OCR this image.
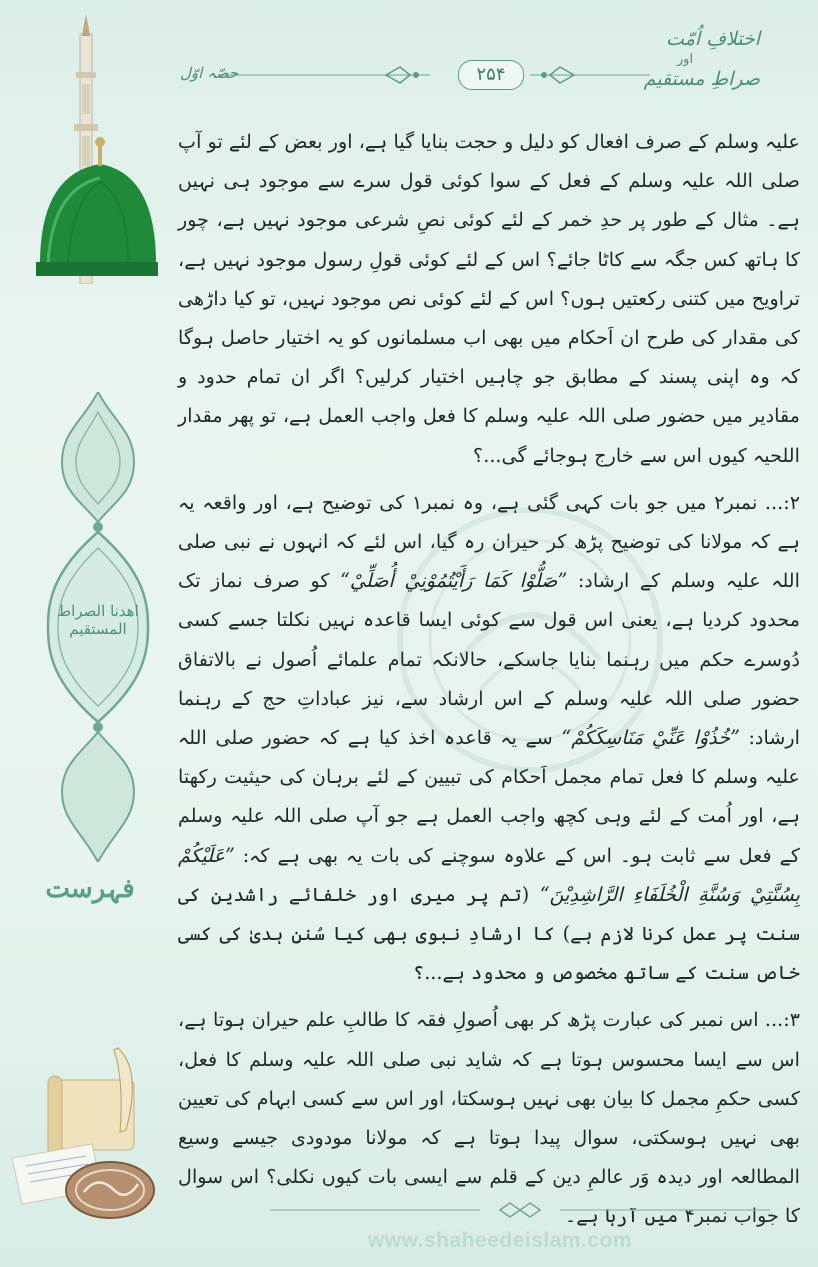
اھدنا الصراط المستقیم
فہرست
۲۵۴
حصّہ اوّل
اختلافِ اُمّت
اور
صراطِ مستقیم

علیہ وسلم کے صرف افعال کو دلیل و حجت بنایا گیا ہے، اور بعض کے لئے تو آپ صلی اللہ علیہ وسلم کے فعل کے سوا کوئی قول سرے سے موجود ہی نہیں ہے۔ مثال کے طور پر حدِ خمر کے لئے کوئی نصِ شرعی موجود نہیں ہے، چور کا ہاتھ کس جگہ سے کاٹا جائے؟ اس کے لئے کوئی قولِ رسول موجود نہیں ہے، تراویح میں کتنی رکعتیں ہوں؟ اس کے لئے کوئی نص موجود نہیں، تو کیا داڑھی کی مقدار کی طرح ان اَحکام میں بھی اب مسلمانوں کو یہ اختیار حاصل ہوگا کہ وہ اپنی پسند کے مطابق جو چاہیں اختیار کرلیں؟ اگر ان تمام حدود و مقادیر میں حضور صلی اللہ علیہ وسلم کا فعل واجب العمل ہے، تو پھر مقدار اللحیہ کیوں اس سے خارج ہوجائے گی...؟

۲:... نمبر۲ میں جو بات کہی گئی ہے، وہ نمبر۱ کی توضیح ہے، اور واقعہ یہ ہے کہ مولانا کی توضیح پڑھ کر حیران رہ گیا، اس لئے کہ انہوں نے نبی صلی اللہ علیہ وسلم کے ارشاد: ”صَلُّوْا كَمَا رَأَيْتُمُوْنِيْ أُصَلِّيْ“ کو صرف نماز تک محدود کردیا ہے، یعنی اس قول سے کوئی ایسا قاعدہ نہیں نکلتا جسے کسی دُوسرے حکم میں رہنما بنایا جاسکے، حالانکہ تمام علمائے اُصول نے بالاتفاق حضور صلی اللہ علیہ وسلم کے اس ارشاد سے، نیز عباداتِ حج کے رہنما ارشاد: ”خُذُوْا عَنِّيْ مَنَاسِكَكُمْ“ سے یہ قاعدہ اخذ کیا ہے کہ حضور صلی اللہ علیہ وسلم کا فعل تمام مجمل اَحکام کی تبیین کے لئے برہان کی حیثیت رکھتا ہے، اور اُمت کے لئے وہی کچھ واجب العمل ہے جو آپ صلی اللہ علیہ وسلم کے فعل سے ثابت ہو۔ اس کے علاوہ سوچنے کی بات یہ بھی ہے کہ: ”عَلَيْكُمْ بِسُنَّتِيْ وَسُنَّةِ الْخُلَفَاءِ الرَّاشِدِيْنَ“ (تم پر میری اور خلفائے راشدین کی سنت پر عمل کرنا لازم ہے) کا ارشادِ نبوی بھی کیا سُننِ ہدیٰ کی کسی خاص سنت کے ساتھ مخصوص و محدود ہے...؟

۳:... اس نمبر کی عبارت پڑھ کر بھی اُصولِ فقہ کا طالبِ علم حیران ہوتا ہے، اس سے ایسا محسوس ہوتا ہے کہ شاید نبی صلی اللہ علیہ وسلم کا فعل، کسی حکمِ مجمل کا بیان بھی نہیں ہوسکتا، اور اس سے کسی ابہام کی تعیین بھی نہیں ہوسکتی، سوال پیدا ہوتا ہے کہ مولانا مودودی جیسے وسیع المطالعہ اور دیدہ وَر عالمِ دین کے قلم سے ایسی بات کیوں نکلی؟ اس سوال کا جواب نمبر۴ میں آرہا ہے۔

www.shaheedeislam.com
